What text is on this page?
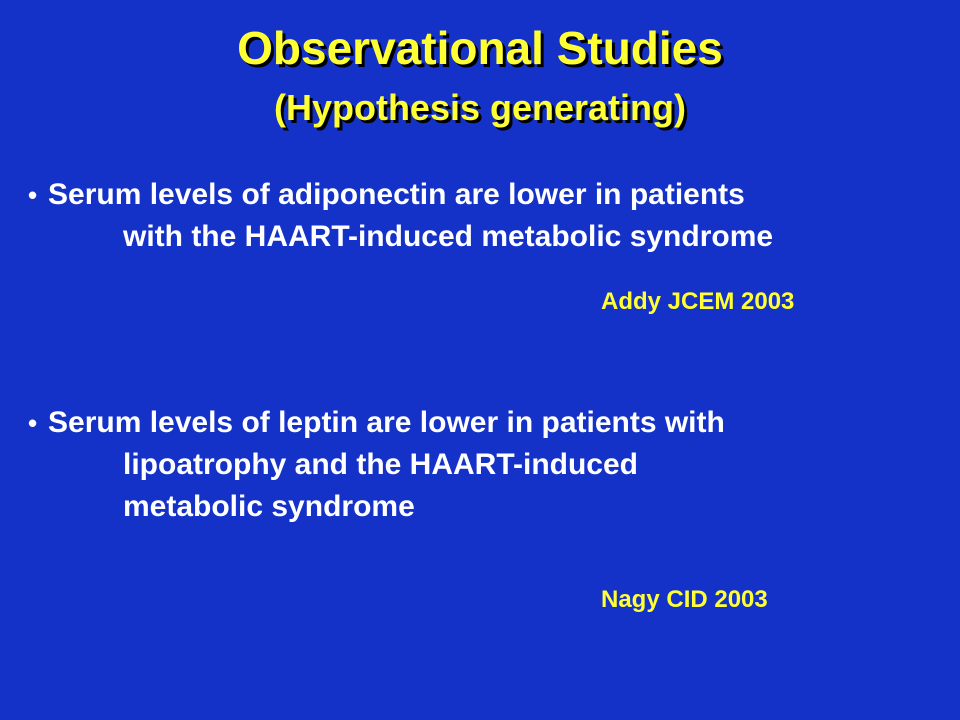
Observational Studies
(Hypothesis generating)

• Serum levels of adiponectin are lower in patients
with the HAART-induced metabolic syndrome

Addy JCEM 2003

• Serum levels of leptin are lower in patients with
lipoatrophy and the HAART-induced
metabolic syndrome

Nagy CID 2003
